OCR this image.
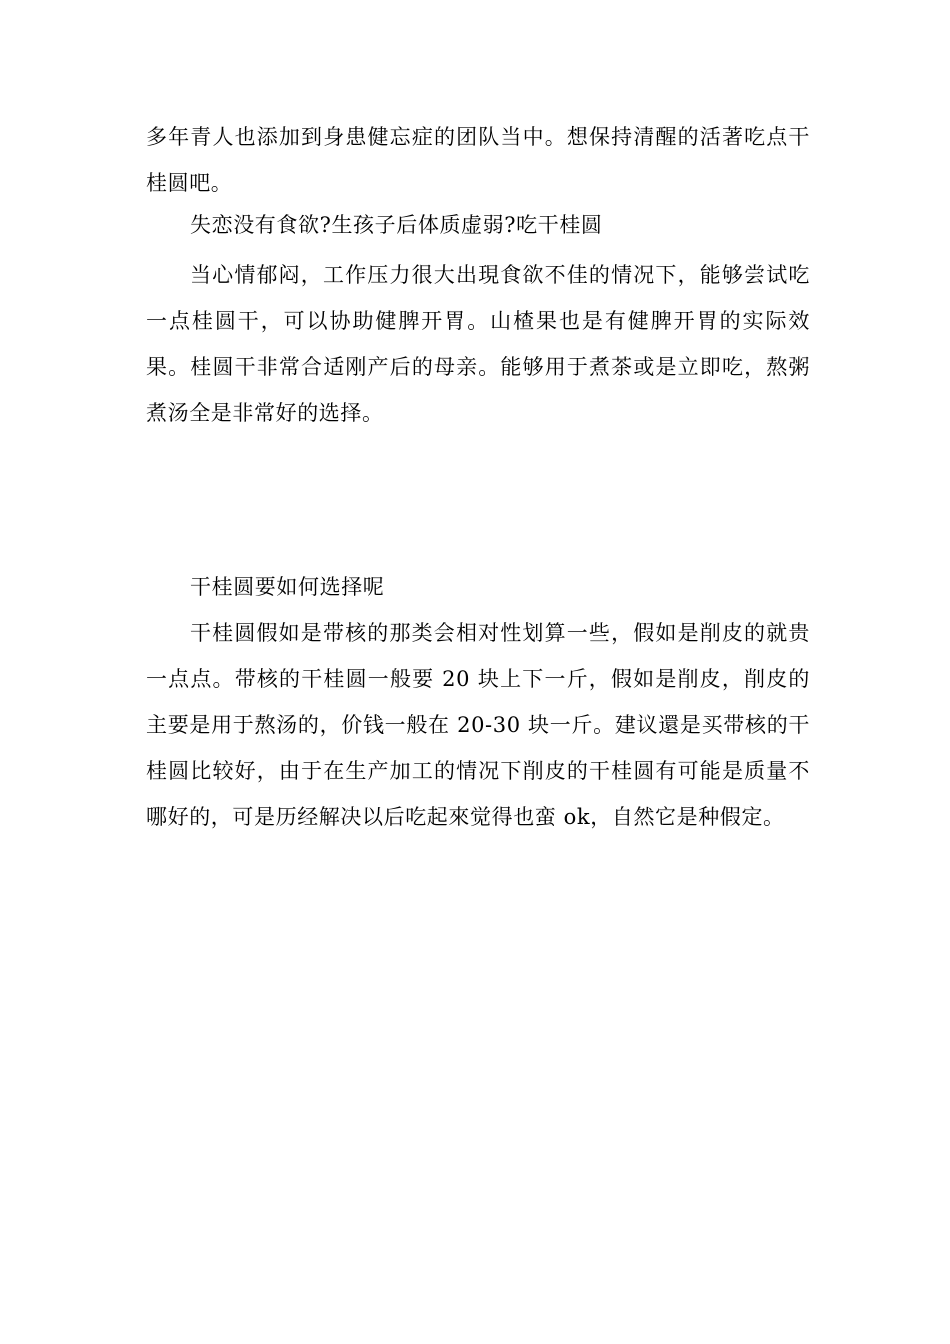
多年青人也添加到身患健忘症的团队当中。想保持清醒的活著吃点干桂圆吧。

失恋没有食欲?生孩子后体质虚弱?吃干桂圆

当心情郁闷，工作压力很大出現食欲不佳的情况下，能够尝试吃一点桂圆干，可以协助健脾开胃。山楂果也是有健脾开胃的实际效果。桂圆干非常合适刚产后的母亲。能够用于煮茶或是立即吃，熬粥煮汤全是非常好的选择。

干桂圆要如何选择呢

干桂圆假如是带核的那类会相对性划算一些，假如是削皮的就贵一点点。带核的干桂圆一般要 20 块上下一斤，假如是削皮，削皮的主要是用于熬汤的，价钱一般在 20-30 块一斤。建议還是买带核的干桂圆比较好，由于在生产加工的情况下削皮的干桂圆有可能是质量不哪好的，可是历经解决以后吃起來觉得也蛮 ok，自然它是种假定。
